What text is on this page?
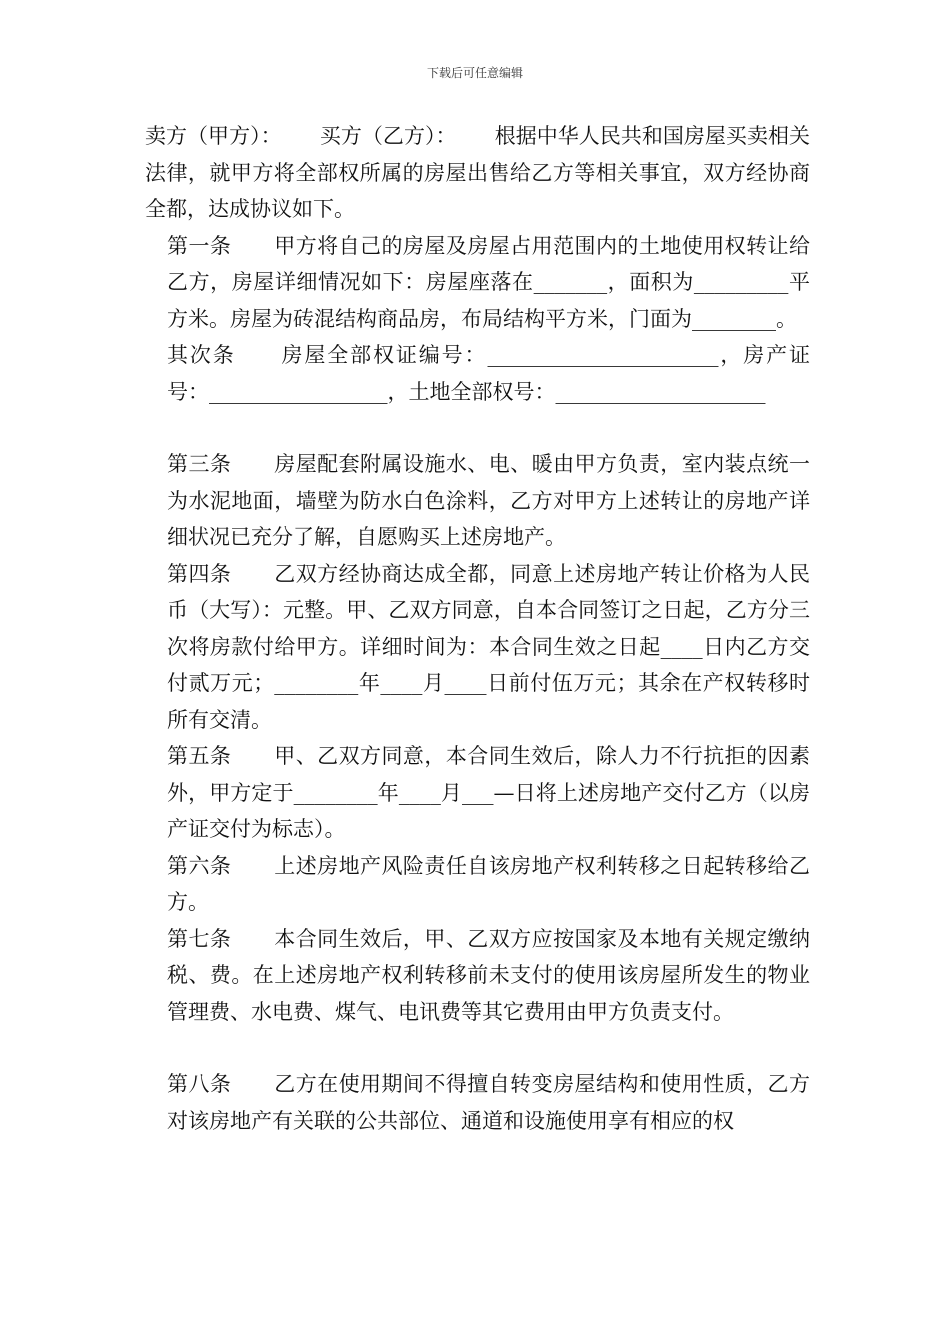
下载后可任意编辑

卖方（甲方）：　　 买方（乙方）：　　 根据中华人民共和国房屋买卖相关法律，就甲方将全部权所属的房屋出售给乙方等相关事宜，双方经协商全都，达成协议如下。

第一条　　甲方将自己的房屋及房屋占用范围内的土地使用权转让给乙方，房屋详细情况如下：房屋座落在_______，面积为_________平方米。房屋为砖混结构商品房，布局结构平方米，门面为________。

其次条　　房屋全部权证编号：______________________，房产证号：_________________，土地全部权号：____________________

第三条　　房屋配套附属设施水、电、暖由甲方负责，室内装点统一为水泥地面，墙壁为防水白色涂料，乙方对甲方上述转让的房地产详细状况已充分了解，自愿购买上述房地产。

第四条　　乙双方经协商达成全都，同意上述房地产转让价格为人民币（大写）：元整。甲、乙双方同意，自本合同签订之日起，乙方分三次将房款付给甲方。详细时间为：本合同生效之日起____日内乙方交付贰万元；________年____月____日前付伍万元；其余在产权转移时所有交清。

第五条　　甲、乙双方同意，本合同生效后，除人力不行抗拒的因素外，甲方定于________年____月___—日将上述房地产交付乙方（以房产证交付为标志）。

第六条　　上述房地产风险责任自该房地产权利转移之日起转移给乙方。

第七条　　本合同生效后，甲、乙双方应按国家及本地有关规定缴纳税、费。在上述房地产权利转移前未支付的使用该房屋所发生的物业管理费、水电费、煤气、电讯费等其它费用由甲方负责支付。

第八条　　乙方在使用期间不得擅自转变房屋结构和使用性质，乙方对该房地产有关联的公共部位、通道和设施使用享有相应的权
